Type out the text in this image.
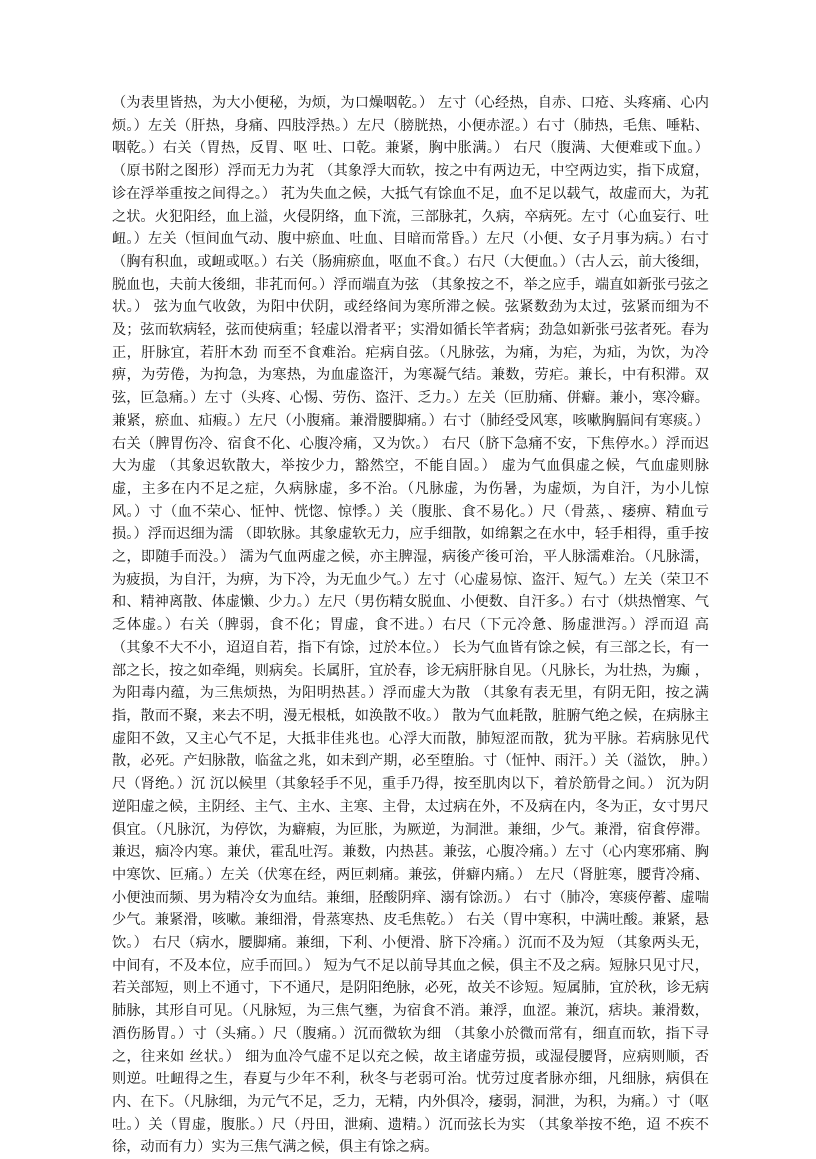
（为表里皆热，为大小便秘，为烦，为口燥咽乾。） 左寸（心经热，自赤、口疮、头疼痛、心内烦。）左关（肝热，身痛、四肢浮热。）左尺（膀胱热，小便赤涩。）右寸（肺热，毛焦、唾粘、咽乾。）右关（胃热，反胃、呕 吐、口乾。兼紧，胸中胀满。） 右尺（腹满、大便难或下血。） （原书附之图形）浮而无力为芤 （其象浮大而软，按之中有两边无，中空两边实，指下成窟，诊在浮举重按之间得之。） 芤为失血之候，大抵气有馀血不足，血不足以载气，故虚而大，为芤之状。火犯阳经，血上溢，火侵阴络，血下流，三部脉芤，久病，卒病死。左寸（心血妄行、吐衄。）左关（恒间血气动、腹中瘀血、吐血、目暗而常昏。）左尺（小便、女子月事为病。）右寸（胸有积血，或衄或呕。）右关（肠痈瘀血，呕血不食。）右尺（大便血。）（古人云，前大後细，脱血也，夫前大後细，非芤而何。）浮而端直为弦 （其象按之不，举之应手，端直如新张弓弦之状。） 弦为血气收敛，为阳中伏阴，或经络间为寒所滞之候。弦紧数劲为太过，弦紧而细为不及；弦而软病轻，弦而使病重；轻虚以滑者平；实滑如循长竿者病；劲急如新张弓弦者死。春为正，肝脉宜，若肝木劲 而至不食难治。疟病自弦。（凡脉弦，为痛，为疟，为疝，为饮，为冷痹，为劳倦，为拘急，为寒热，为血虚盗汗，为寒凝气结。兼数，劳疟。兼长，中有积滞。双弦，叵急痛。）左寸（头疼、心惕、劳伤、盗汗、乏力。）左关（叵肋痛、併癖。兼小，寒冷癖。兼紧，瘀血、疝瘕。）左尺（小腹痛。兼滑腰脚痛。）右寸（肺经受风寒，咳嗽胸膈间有寒痰。）右关（脾胃伤冷、宿食不化、心腹冷痛，又为饮。） 右尺（脐下急痛不安，下焦停水。）浮而迟大为虚 （其象迟软散大，举按少力，豁然空，不能自固。） 虚为气血俱虚之候，气血虚则脉虚，主多在内不足之症，久病脉虚，多不治。（凡脉虚，为伤暑，为虚烦，为自汗，为小儿惊风。）寸（血不荣心、怔忡、恍惚、惊悸。）关（腹胀、食不易化。）尺（骨蒸，、痿痹、精血亏损。）浮而迟细为濡 （即软脉。其象虚软无力，应手细散，如绵絮之在水中，轻手相得，重手按之，即随手而没。） 濡为气血两虚之候，亦主脾湿，病後产後可治，平人脉濡难治。（凡脉濡，为疲损，为自汗，为痹，为下冷，为无血少气。）左寸（心虚易惊、盗汗、短气。）左关（荣卫不和、精神离散、体虚懒、少力。）左尺（男伤精女脱血、小便数、自汗多。）右寸（烘热憎寒、气乏体虚。）右关（脾弱，食不化；胃虚，食不进。）右尺（下元冷惫、肠虚泄泻。）浮而迢 高 （其象不大不小，迢迢自若，指下有馀，过於本位。） 长为气血皆有馀之候，有三部之长，有一部之长，按之如牵绳，则病矣。长属肝，宜於春，诊无病肝脉自见。（凡脉长，为壮热，为癫 ，为阳毒内蕴，为三焦烦热，为阳明热甚。）浮而虚大为散 （其象有表无里，有阴无阳，按之满指，散而不聚，来去不明，漫无根柢，如涣散不收。） 散为气血耗散，脏腑气绝之候，在病脉主虚阳不敛，又主心气不足，大抵非佳兆也。心浮大而散，肺短涩而散，犹为平脉。若病脉见代散，必死。产妇脉散，临盆之兆，如未到产期，必至堕胎。寸（怔忡、雨汗。）关（溢饮， 肿。）尺（肾绝。）沉 沉以候里（其象轻手不见，重手乃得，按至肌肉以下，着於筋骨之间。） 沉为阴逆阳虚之候，主阴经、主气、主水、主寒、主骨，太过病在外，不及病在内，冬为正，女寸男尺俱宜。（凡脉沉，为停饮，为癖瘕，为叵胀，为厥逆，为洞泄。兼细，少气。兼滑，宿食停滞。兼迟，痼冷内寒。兼伏，霍乱吐泻。兼数，内热甚。兼弦，心腹冷痛。）左寸（心内寒邪痛、胸中寒饮、叵痛。）左关（伏寒在经，两叵刺痛。兼弦，併癖内痛。） 左尺（肾脏寒，腰背冷痛、小便浊而频、男为精冷女为血结。兼细，胫酸阴痒、溺有馀沥。） 右寸（肺冷，寒痰停蓄、虚喘少气。兼紧滑，咳嗽。兼细滑，骨蒸寒热、皮毛焦乾。） 右关（胃中寒积，中满吐酸。兼紧，悬饮。） 右尺（病水，腰脚痛。兼细，下利、小便滑、脐下冷痛。）沉而不及为短 （其象两头无，中间有，不及本位，应手而回。） 短为气不足以前导其血之候，俱主不及之病。短脉只见寸尺，若关部短，则上不通寸，下不通尺，是阴阳绝脉，必死，故关不诊短。短属肺，宜於秋，诊无病肺脉，其形自可见。（凡脉短，为三焦气壅，为宿食不消。兼浮，血涩。兼沉，痞块。兼滑数，酒伤肠胃。）寸（头痛。）尺（腹痛。）沉而微软为细 （其象小於微而常有，细直而软，指下寻之，往来如 丝状。） 细为血冷气虚不足以充之候，故主诸虚劳损，或湿侵腰肾，应病则顺，否则逆。吐衄得之生，春夏与少年不利，秋冬与老弱可治。忧劳过度者脉亦细，凡细脉，病俱在内、在下。（凡脉细，为元气不足，乏力，无精，内外俱冷，痿弱，洞泄，为积，为痛。）寸（呕吐。）关（胃虚，腹胀。）尺（丹田，泄痢、遗精。）沉而弦长为实 （其象举按不绝，迢 不疾不徐，动而有力）实为三焦气满之候，俱主有馀之病。
